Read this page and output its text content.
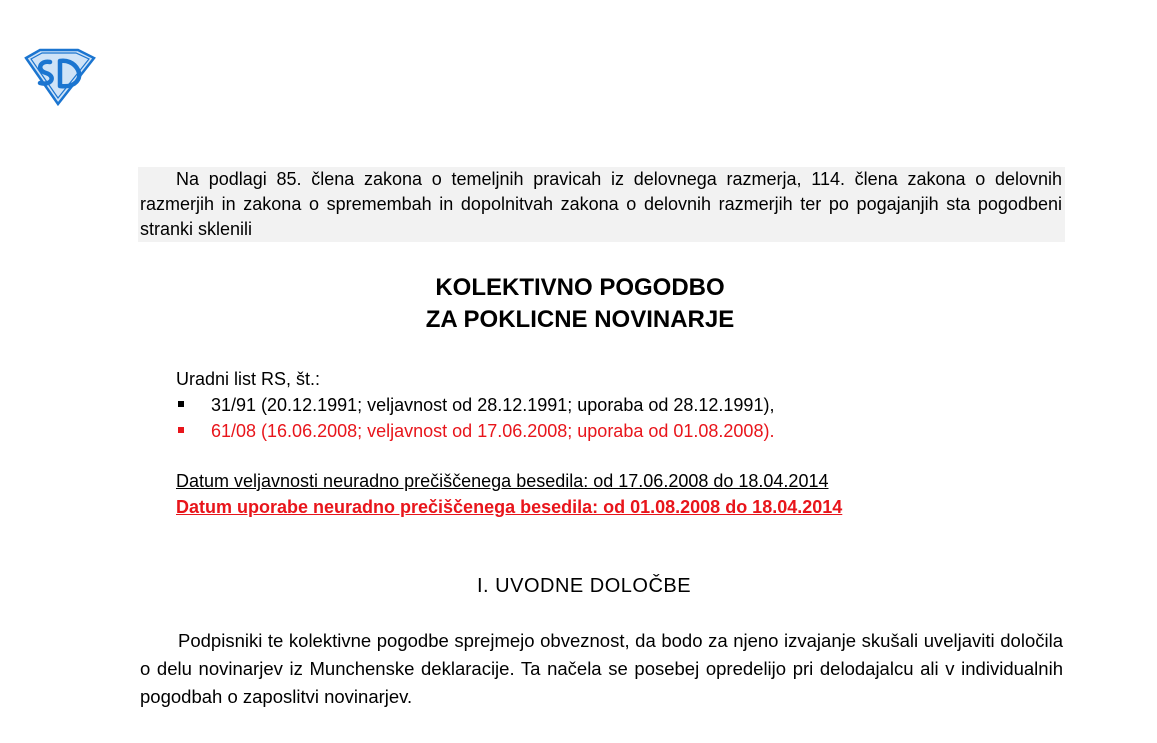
Na podlagi 85. člena zakona o temeljnih pravicah iz delovnega razmerja, 114. člena zakona o delovnih razmerjih in zakona o spremembah in dopolnitvah zakona o delovnih razmerjih ter po pogajanjih sta pogodbeni stranki sklenili

KOLEKTIVNO POGODBO
ZA POKLICNE NOVINARJE
Uradni list RS, št.:
31/91 (20.12.1991; veljavnost od 28.12.1991; uporaba od 28.12.1991),
61/08 (16.06.2008; veljavnost od 17.06.2008; uporaba od 01.08.2008).
Datum veljavnosti neuradno prečiščenega besedila: od 17.06.2008 do 18.04.2014
Datum uporabe neuradno prečiščenega besedila: od 01.08.2008 do 18.04.2014
I. UVODNE DOLOČBE

Podpisniki te kolektivne pogodbe sprejmejo obveznost, da bodo za njeno izvajanje skušali uveljaviti določila o delu novinarjev iz Munchenske deklaracije. Ta načela se posebej opredelijo pri delodajalcu ali v individualnih pogodbah o zaposlitvi novinarjev.
